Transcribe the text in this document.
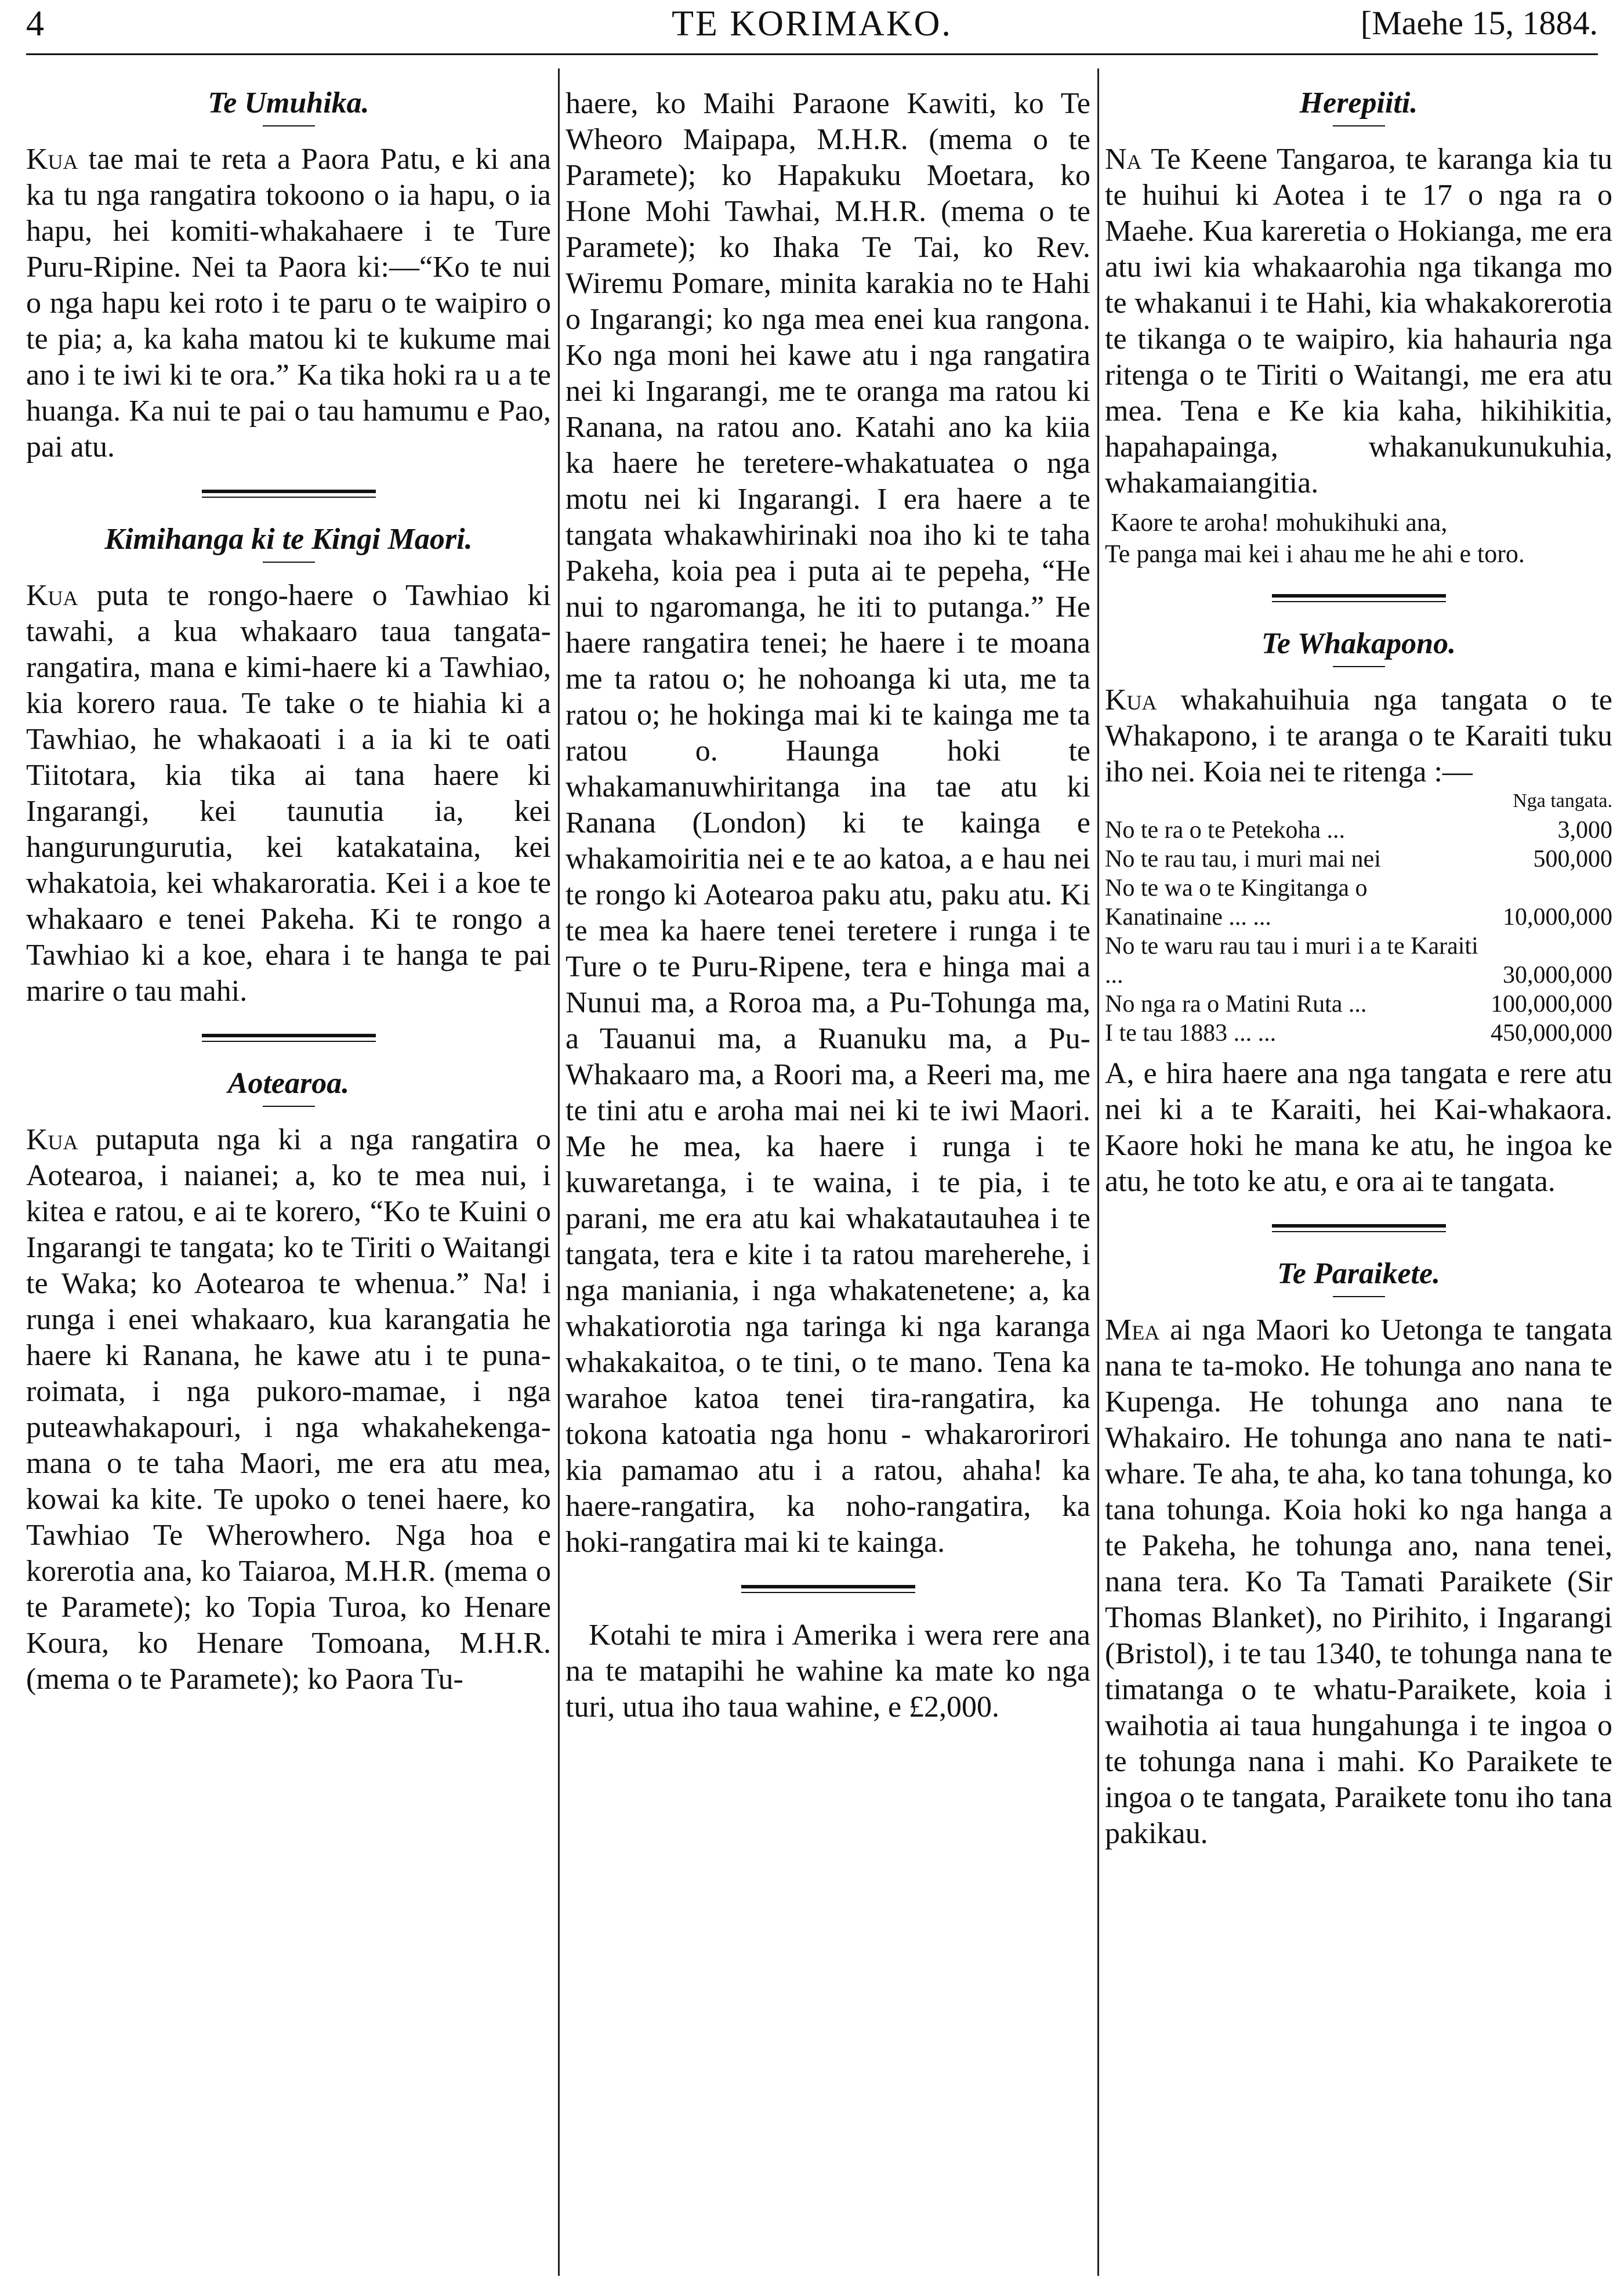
4	TE KORIMAKO.	[Maehe 15, 1884.
Te Umuhika.

Kua tae mai te reta a Paora Patu, e ki ana ka tu nga rangatira tokoono o ia hapu, o ia hapu, hei komiti-whakahaere i te Ture Puru-Ripine. Nei ta Paora ki:—“Ko te nui o nga hapu kei roto i te paru o te waipiro o te pia; a, ka kaha matou ki te kukume mai ano i te iwi ki te ora.” Ka tika hoki ra u a te huanga. Ka nui te pai o tau hamumu e Pao, pai atu.

Kimihanga ki te Kingi Maori.

Kua puta te rongo-haere o Tawhiao ki tawahi, a kua whakaaro taua tangata-rangatira, mana e kimi-haere ki a Tawhiao, kia korero raua. Te take o te hiahia ki a Tawhiao, he whakaoati i a ia ki te oati Tiitotara, kia tika ai tana haere ki Ingarangi, kei taunutia ia, kei hangurungurutia, kei katakataina, kei whakatoia, kei whakaroratia. Kei i a koe te whakaaro e tenei Pakeha. Ki te rongo a Tawhiao ki a koe, ehara i te hanga te pai marire o tau mahi.

Aotearoa.

Kua putaputa nga ki a nga rangatira o Aotearoa, i naianei; a, ko te mea nui, i kitea e ratou, e ai te korero, “Ko te Kuini o Ingarangi te tangata; ko te Tiriti o Waitangi te Waka; ko Aotearoa te whenua.” Na! i runga i enei whakaaro, kua karangatia he haere ki Ranana, he kawe atu i te puna-roimata, i nga pukoro-mamae, i nga puteawhakapouri, i nga whakahekenga-mana o te taha Maori, me era atu mea, kowai ka kite. Te upoko o tenei haere, ko Tawhiao Te Wherowhero. Nga hoa e korerotia ana, ko Taiaroa, M.H.R. (mema o te Paramete); ko Topia Turoa, ko Henare Koura, ko Henare Tomoana, M.H.R. (mema o te Paramete); ko Paora Tu-

haere, ko Maihi Paraone Kawiti, ko Te Wheoro Maipapa, M.H.R. (mema o te Paramete); ko Hapakuku Moetara, ko Hone Mohi Tawhai, M.H.R. (mema o te Paramete); ko Ihaka Te Tai, ko Rev. Wiremu Pomare, minita karakia no te Hahi o Ingarangi; ko nga mea enei kua rangona. Ko nga moni hei kawe atu i nga rangatira nei ki Ingarangi, me te oranga ma ratou ki Ranana, na ratou ano. Katahi ano ka kiia ka haere he teretere-whakatuatea o nga motu nei ki Ingarangi. I era haere a te tangata whakawhirinaki noa iho ki te taha Pakeha, koia pea i puta ai te pepeha, “He nui to ngaromanga, he iti to putanga.” He haere rangatira tenei; he haere i te moana me ta ratou o; he nohoanga ki uta, me ta ratou o; he hokinga mai ki te kainga me ta ratou o. Haunga hoki te whakamanuwhiritanga ina tae atu ki Ranana (London) ki te kainga e whakamoiritia nei e te ao katoa, a e hau nei te rongo ki Aotearoa paku atu, paku atu. Ki te mea ka haere tenei teretere i runga i te Ture o te Puru-Ripene, tera e hinga mai a Nunui ma, a Roroa ma, a Pu-Tohunga ma, a Tauanui ma, a Ruanuku ma, a Pu-Whakaaro ma, a Roori ma, a Reeri ma, me te tini atu e aroha mai nei ki te iwi Maori. Me he mea, ka haere i runga i te kuwaretanga, i te waina, i te pia, i te parani, me era atu kai whakatautauhea i te tangata, tera e kite i ta ratou mareherehe, i nga maniania, i nga whakatenetene; a, ka whakatiorotia nga taringa ki nga karanga whakakaitoa, o te tini, o te mano. Tena ka warahoe katoa tenei tira-rangatira, ka tokona katoatia nga honu - whakarorirori kia pamamao atu i a ratou, ahaha! ka haere-rangatira, ka noho-rangatira, ka hoki-rangatira mai ki te kainga.

Kotahi te mira i Amerika i wera rere ana na te matapihi he wahine ka mate ko nga turi, utua iho taua wahine, e £2,000.

Herepiiti.

Na Te Keene Tangaroa, te karanga kia tu te huihui ki Aotea i te 17 o nga ra o Maehe. Kua kareretia o Hokianga, me era atu iwi kia whakaarohia nga tikanga mo te whakanui i te Hahi, kia whakakorerotia te tikanga o te waipiro, kia hahauria nga ritenga o te Tiriti o Waitangi, me era atu mea. Tena e Ke kia kaha, hikihikitia, hapahapainga, whakanukunukuhia, whakamaiangitia.

Kaore te aroha! mohukihuki ana,
Te panga mai kei i ahau me he ahi e toro.
Te Whakapono.

Kua whakahuihuia nga tangata o te Whakapono, i te aranga o te Karaiti tuku iho nei. Koia nei te ritenga :—

Nga tangata.
No te ra o te Petekoha ...	3,000
No te rau tau, i muri mai nei	500,000
No te wa o te Kingitanga o Kanatinaine ... ...	10,000,000
No te waru rau tau i muri i a te Karaiti ...	30,000,000
No nga ra o Matini Ruta ...	100,000,000
I te tau 1883 ... ...	450,000,000

A, e hira haere ana nga tangata e rere atu nei ki a te Karaiti, hei Kai-whakaora. Kaore hoki he mana ke atu, he ingoa ke atu, he toto ke atu, e ora ai te tangata.

Te Paraikete.

Mea ai nga Maori ko Uetonga te tangata nana te ta-moko. He tohunga ano nana te Kupenga. He tohunga ano nana te Whakairo. He tohunga ano nana te nati-whare. Te aha, te aha, ko tana tohunga, ko tana tohunga. Koia hoki ko nga hanga a te Pakeha, he tohunga ano, nana tenei, nana tera. Ko Ta Tamati Paraikete (Sir Thomas Blanket), no Pirihito, i Ingarangi (Bristol), i te tau 1340, te tohunga nana te timatanga o te whatu-Paraikete, koia i waihotia ai taua hungahunga i te ingoa o te tohunga nana i mahi. Ko Paraikete te ingoa o te tangata, Paraikete tonu iho tana pakikau.
